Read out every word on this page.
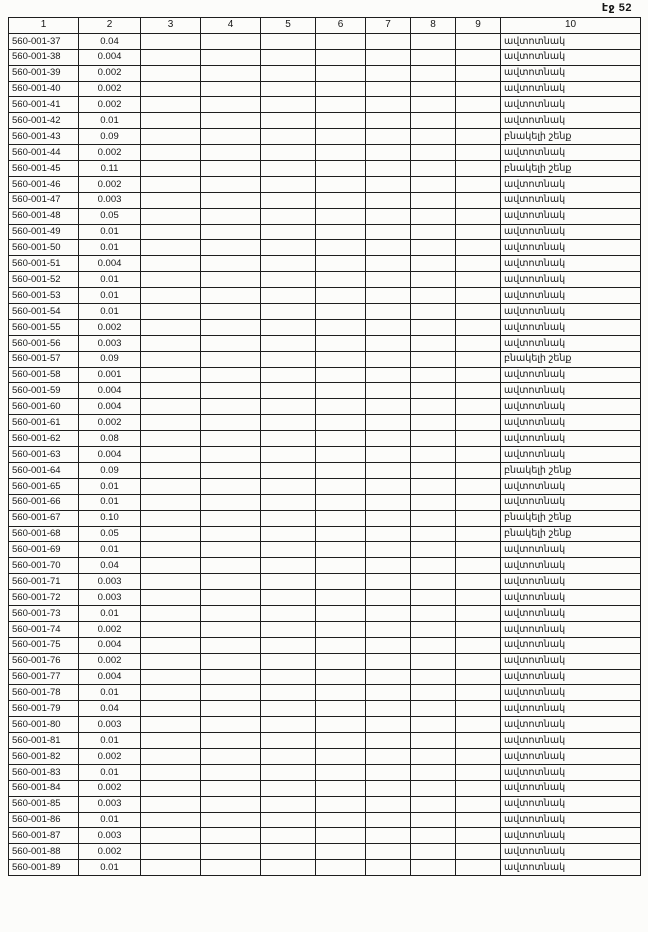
էջ 52
1	2	3	4	5	6	7	8	9	10
560-001-37	0.04								ավտոտնակ
560-001-38	0.004								ավտոտնակ
560-001-39	0.002								ավտոտնակ
560-001-40	0.002								ավտոտնակ
560-001-41	0.002								ավտոտնակ
560-001-42	0.01								ավտոտնակ
560-001-43	0.09								բնակելի շենք
560-001-44	0.002								ավտոտնակ
560-001-45	0.11								բնակելի շենք
560-001-46	0.002								ավտոտնակ
560-001-47	0.003								ավտոտնակ
560-001-48	0.05								ավտոտնակ
560-001-49	0.01								ավտոտնակ
560-001-50	0.01								ավտոտնակ
560-001-51	0.004								ավտոտնակ
560-001-52	0.01								ավտոտնակ
560-001-53	0.01								ավտոտնակ
560-001-54	0.01								ավտոտնակ
560-001-55	0.002								ավտոտնակ
560-001-56	0.003								ավտոտնակ
560-001-57	0.09								բնակելի շենք
560-001-58	0.001								ավտոտնակ
560-001-59	0.004								ավտոտնակ
560-001-60	0.004								ավտոտնակ
560-001-61	0.002								ավտոտնակ
560-001-62	0.08								ավտոտնակ
560-001-63	0.004								ավտոտնակ
560-001-64	0.09								բնակելի շենք
560-001-65	0.01								ավտոտնակ
560-001-66	0.01								ավտոտնակ
560-001-67	0.10								բնակելի շենք
560-001-68	0.05								բնակելի շենք
560-001-69	0.01								ավտոտնակ
560-001-70	0.04								ավտոտնակ
560-001-71	0.003								ավտոտնակ
560-001-72	0.003								ավտոտնակ
560-001-73	0.01								ավտոտնակ
560-001-74	0.002								ավտոտնակ
560-001-75	0.004								ավտոտնակ
560-001-76	0.002								ավտոտնակ
560-001-77	0.004								ավտոտնակ
560-001-78	0.01								ավտոտնակ
560-001-79	0.04								ավտոտնակ
560-001-80	0.003								ավտոտնակ
560-001-81	0.01								ավտոտնակ
560-001-82	0.002								ավտոտնակ
560-001-83	0.01								ավտոտնակ
560-001-84	0.002								ավտոտնակ
560-001-85	0.003								ավտոտնակ
560-001-86	0.01								ավտոտնակ
560-001-87	0.003								ավտոտնակ
560-001-88	0.002								ավտոտնակ
560-001-89	0.01								ավտոտնակ
